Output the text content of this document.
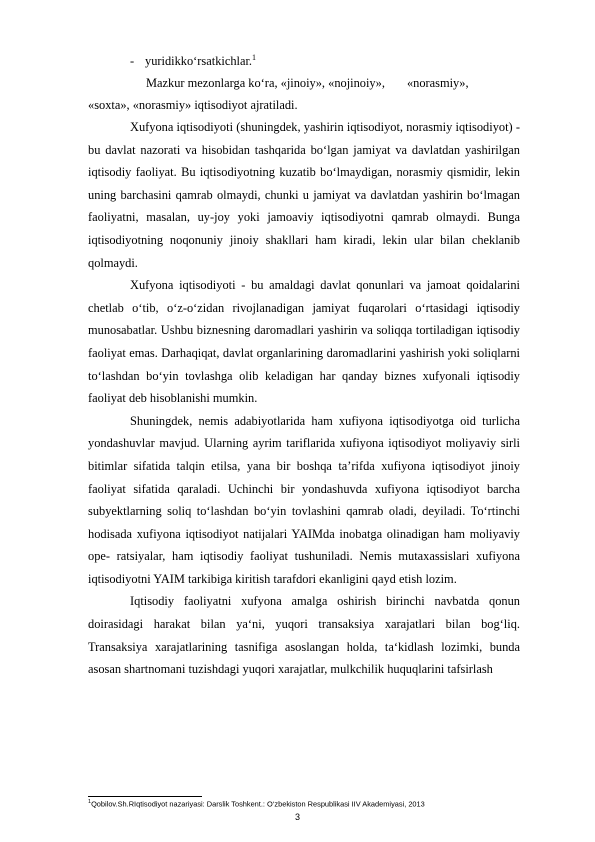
- yuridikko‘rsatkichlar.$^1$
Mazkur mezonlarga ko‘ra, «jinoiy», «nojinoiy», «norasmiy»,
«soxta», «norasmiy» iqtisodiyot ajratiladi.

Xufyona iqtisodiyoti (shuningdek, yashirin iqtisodiyot, norasmiy iqtisodiyot) - bu davlat nazorati va hisobidan tashqarida bo‘lgan jamiyat va davlatdan yashirilgan iqtisodiy faoliyat. Bu iqtisodiyotning kuzatib bo‘lmaydigan, norasmiy qismidir, lekin uning barchasini qamrab olmaydi, chunki u jamiyat va davlatdan yashirin bo‘lmagan faoliyatni, masalan, uy-joy yoki jamoaviy iqtisodiyotni qamrab olmaydi. Bunga iqtisodiyotning noqonuniy jinoiy shakllari ham kiradi, lekin ular bilan cheklanib qolmaydi.

Xufyona iqtisodiyoti - bu amaldagi davlat qonunlari va jamoat qoidalarini chetlab o‘tib, o‘z-o‘zidan rivojlanadigan jamiyat fuqarolari o‘rtasidagi iqtisodiy munosabatlar. Ushbu biznesning daromadlari yashirin va soliqqa tortiladigan iqtisodiy faoliyat emas. Darhaqiqat, davlat organlarining daromadlarini yashirish yoki soliqlarni to‘lashdan bo‘yin tovlashga olib keladigan har qanday biznes xufyonali iqtisodiy faoliyat deb hisoblanishi mumkin.

Shuningdek, nemis adabiyotlarida ham xufiyona iqtisodiyotga oid turlicha yondashuvlar mavjud. Ularning ayrim tariflarida xufiyona iqtisodiyot moliyaviy sirli bitimlar sifatida talqin etilsa, yana bir boshqa ta’rifda xufiyona iqtisodiyot jinoiy faoliyat sifatida qaraladi. Uchinchi bir yondashuvda xufiyona iqtisodiyot barcha subyektlarning soliq to‘lashdan bo‘yin tovlashini qamrab oladi, deyiladi. To‘rtinchi hodisada xufiyona iqtisodiyot natijalari YAIMda inobatga olinadigan ham moliyaviy ope- ratsiyalar, ham iqtisodiy faoliyat tushuniladi. Nemis mutaxassislari xufiyona iqtisodiyotni YAIM tarkibiga kiritish tarafdori ekanligini qayd etish lozim.

Iqtisodiy faoliyatni xufyona amalga oshirish birinchi navbatda qonun doirasidagi harakat bilan ya‘ni, yuqori transaksiya xarajatlari bilan bog‘liq. Transaksiya xarajatlarining tasnifiga asoslangan holda, ta‘kidlash lozimki, bunda asosan shartnomani tuzishdagi yuqori xarajatlar, mulkchilik huquqlarini tafsirlash

$^1$Qobilov.Sh.RIqtisodiyot nazariyasi: Darslik Toshkent.: O‘zbekiston Respublikasi IIV Akademiyasi, 2013
3
